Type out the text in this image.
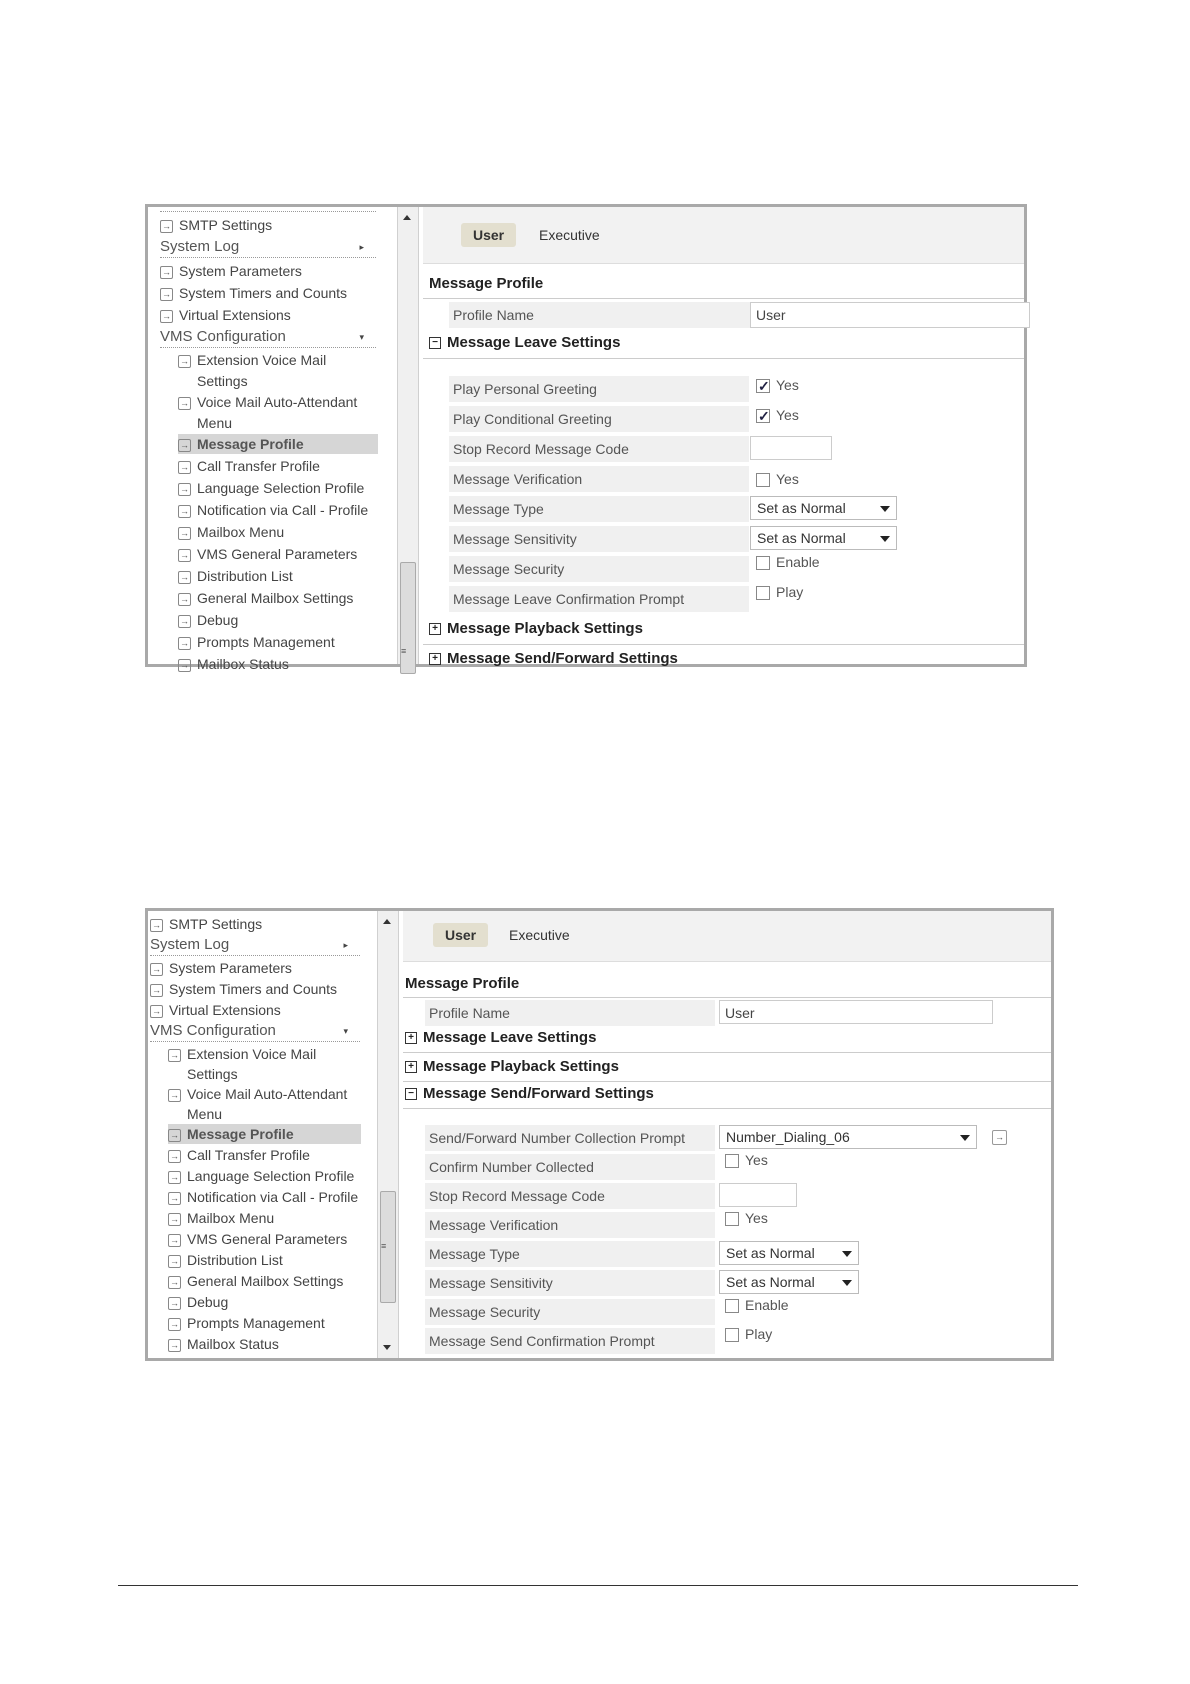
→ SMTP Settings
System Log	▸
→ System Parameters
→ System Timers and Counts
→ Virtual Extensions
VMS Configuration	▾
→ Extension Voice Mail
Settings
→ Voice Mail Auto-Attendant
Menu
→ Message Profile
→ Call Transfer Profile
→ Language Selection Profile
→ Notification via Call - Profile
→ Mailbox Menu
→ VMS General Parameters
→ Distribution List
→ General Mailbox Settings
→ Debug
→ Prompts Management
→ Mailbox Status
≡
User	Executive
Message Profile
Profile Name	User
− Message Leave Settings
Play Personal Greeting ✓	Yes
Play Conditional Greeting ✓	Yes
Stop Record Message Code
Message Verification	Yes
Message Type	Set as Normal
Message Sensitivity	Set as Normal
Message Security	Enable
Message Leave Confirmation Prompt	Play
+ Message Playback Settings
+ Message Send/Forward Settings
→ SMTP Settings
System Log	▸
→ System Parameters
→ System Timers and Counts
→ Virtual Extensions
VMS Configuration	▾
→ Extension Voice Mail
Settings
→ Voice Mail Auto-Attendant
Menu
→ Message Profile
→ Call Transfer Profile
→ Language Selection Profile
→ Notification via Call - Profile
→ Mailbox Menu
→ VMS General Parameters
→ Distribution List
→ General Mailbox Settings
→ Debug
→ Prompts Management
→ Mailbox Status
≡
User	Executive
Message Profile
Profile Name	User
+ Message Leave Settings
+ Message Playback Settings
− Message Send/Forward Settings
Send/Forward Number Collection Prompt	Number_Dialing_06	→
Confirm Number Collected	Yes
Stop Record Message Code
Message Verification	Yes
Message Type	Set as Normal
Message Sensitivity	Set as Normal
Message Security	Enable
Message Send Confirmation Prompt	Play
